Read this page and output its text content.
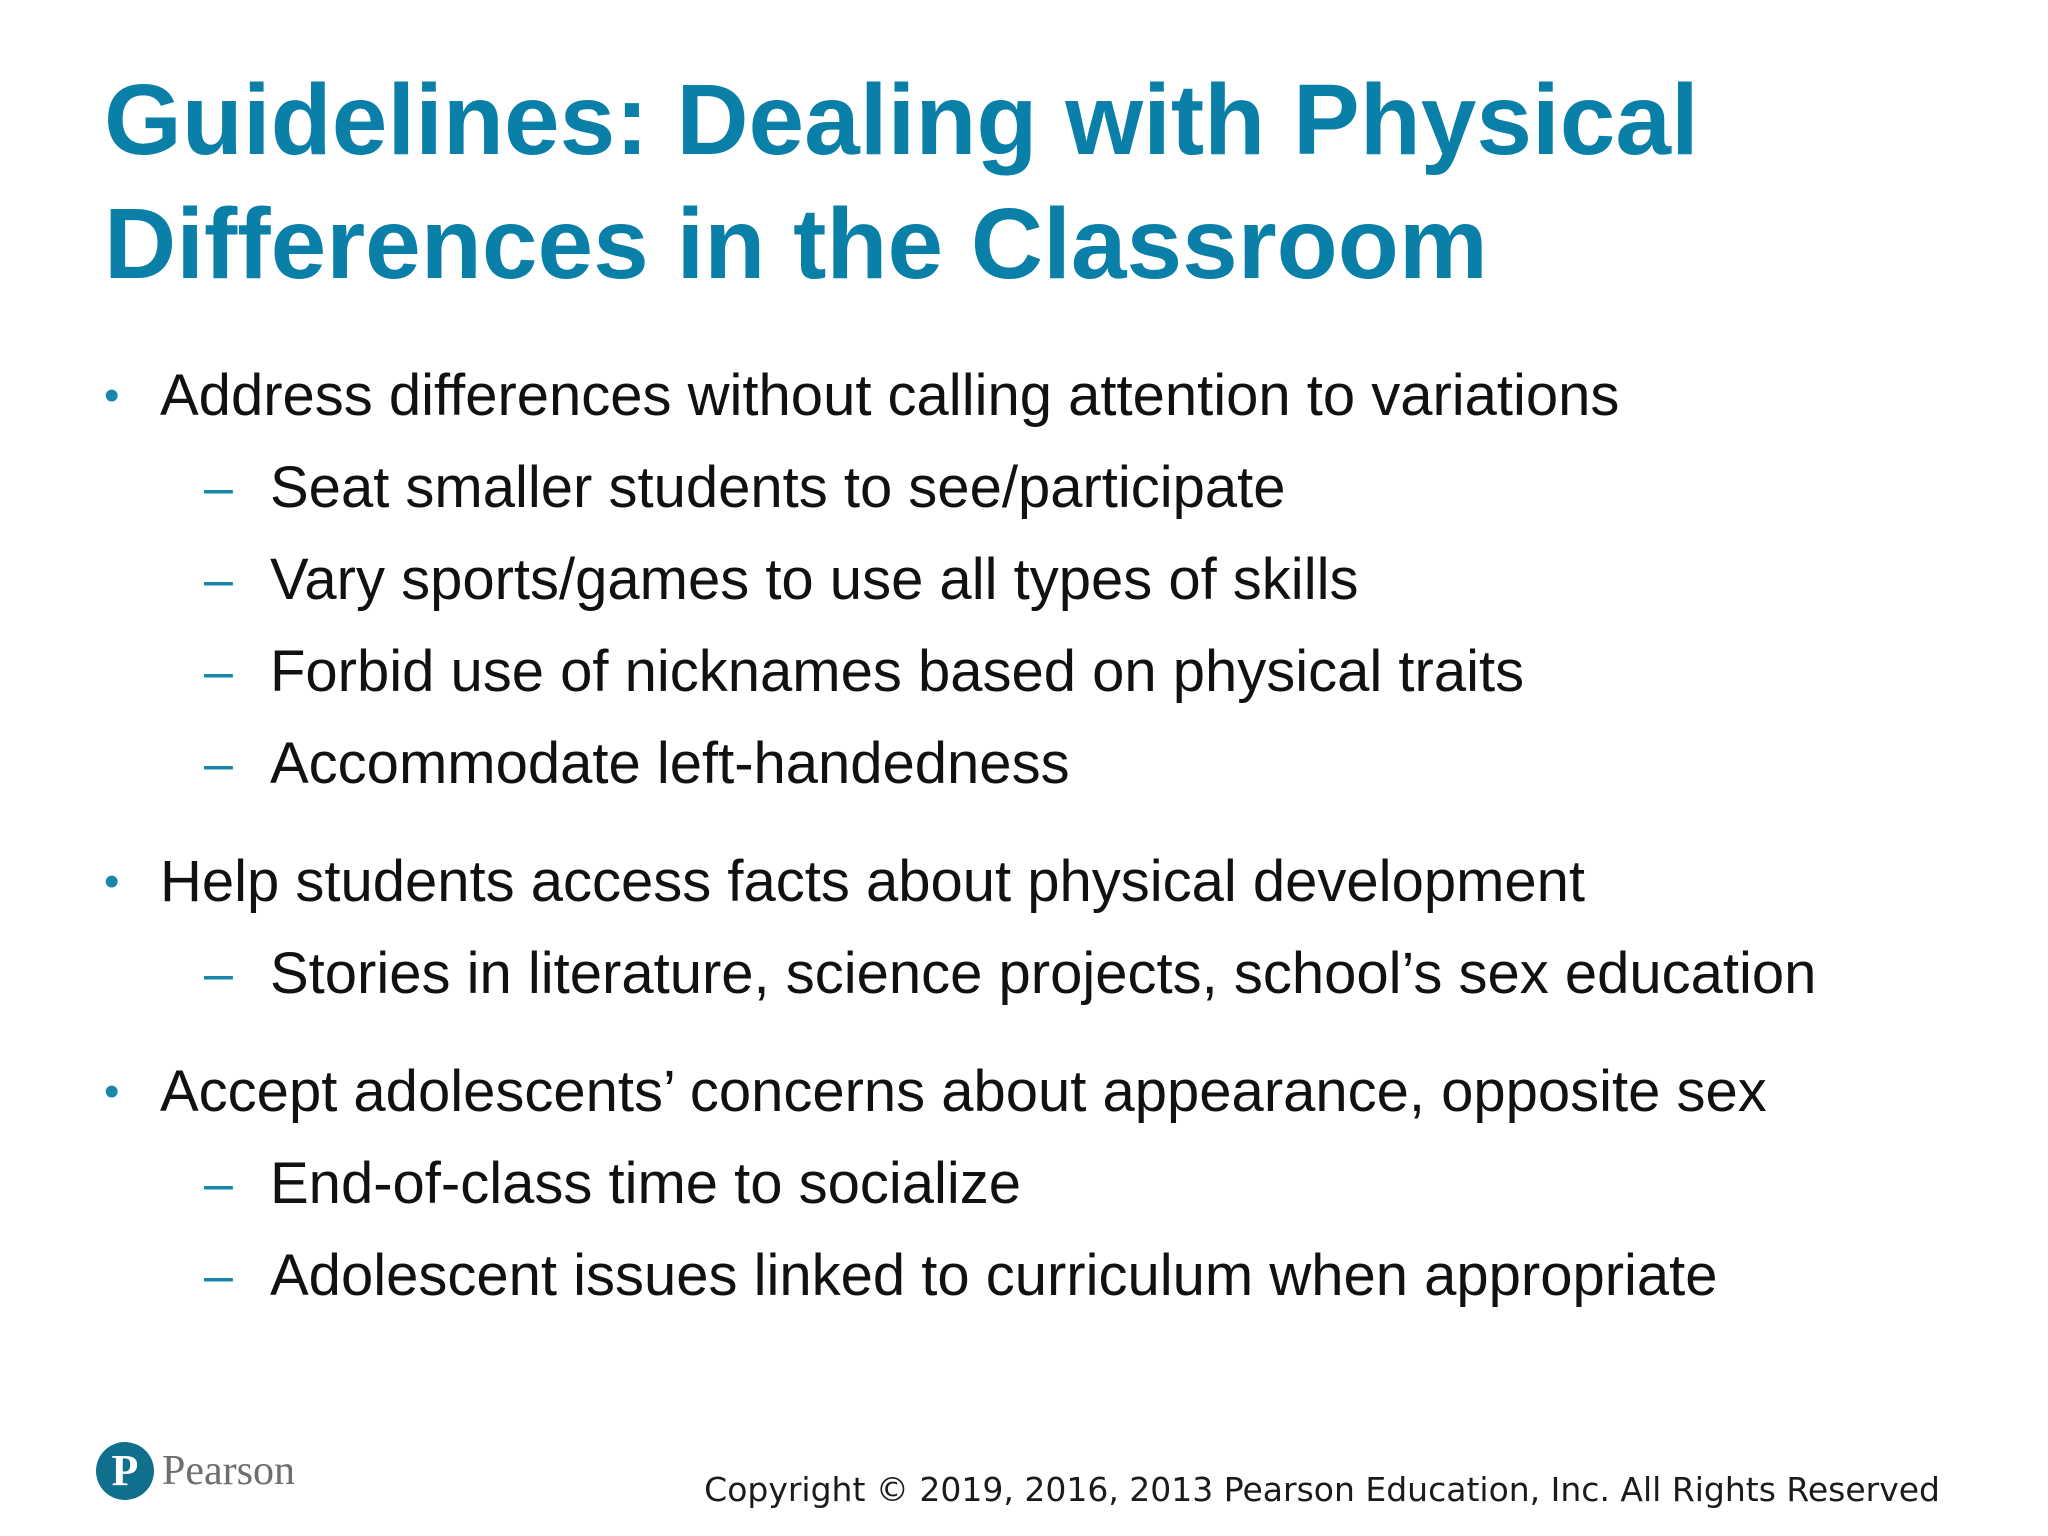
Guidelines: Dealing with Physical
Differences in the Classroom
• Address differences without calling attention to variations
– Seat smaller students to see/participate
– Vary sports/games to use all types of skills
– Forbid use of nicknames based on physical traits
– Accommodate left-handedness
• Help students access facts about physical development
– Stories in literature, science projects, school’s sex education
• Accept adolescents’ concerns about appearance, opposite sex
– End-of-class time to socialize
– Adolescent issues linked to curriculum when appropriate
P Pearson	Copyright © 2019, 2016, 2013 Pearson Education, Inc. All Rights Reserved
